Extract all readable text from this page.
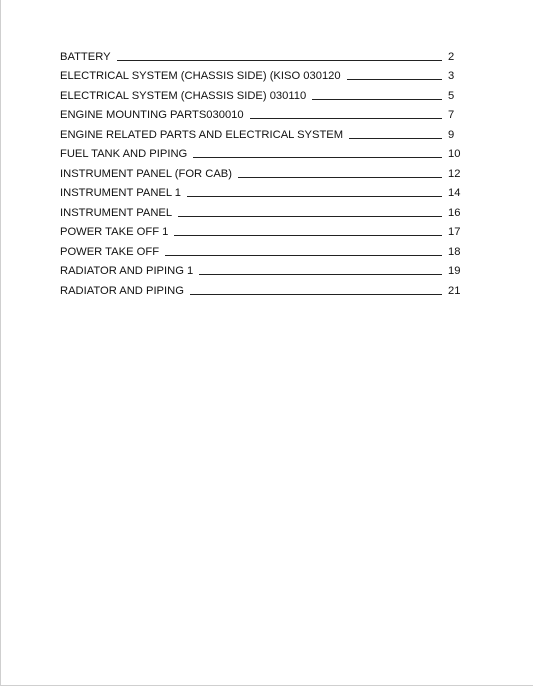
BATTERY	2
ELECTRICAL SYSTEM (CHASSIS SIDE) (KISO 030120	3
ELECTRICAL SYSTEM (CHASSIS SIDE) 030110	5
ENGINE MOUNTING PARTS030010	7
ENGINE RELATED PARTS AND ELECTRICAL SYSTEM	9
FUEL TANK AND PIPING	10
INSTRUMENT PANEL (FOR CAB)	12
INSTRUMENT PANEL 1	14
INSTRUMENT PANEL	16
POWER TAKE OFF 1	17
POWER TAKE OFF	18
RADIATOR AND PIPING 1	19
RADIATOR AND PIPING	21
